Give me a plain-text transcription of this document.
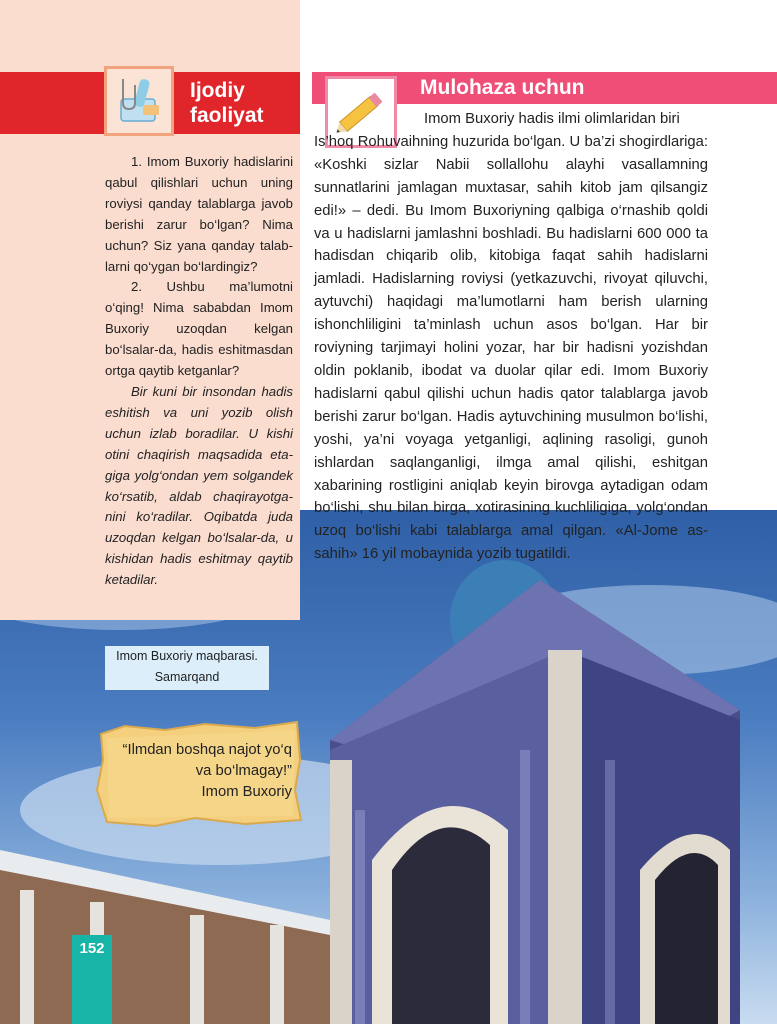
Ijodiy
faoliyat

1. Imom Buxoriy hadislarini qabul qilishlari uchun uning roviysi qanday talablarga javob berishi zarur bo‘lgan? Nima uchun? Siz yana qanday talablarni qo‘ygan bo‘lardingiz?

2. Ushbu ma’lumotni o‘qing! Nima sababdan Imom Buxoriy uzoqdan kelgan bo‘lsalar-da, hadis eshitmasdan ortga qaytib ketganlar?

Bir kuni bir insondan hadis eshitish va uni yozib olish uchun izlab boradilar. U kishi otini chaqirish maqsadida etagiga yolg‘ondan yem solgandek ko‘rsatib, aldab chaqirayotganini ko‘radilar. Oqibatda juda uzoqdan kelgan bo‘lsalar-da, u kishidan hadis eshitmay qaytib ketadilar.

Mulohaza uchun

Imom Buxoriy hadis ilmi olimlaridan biri

Is’hoq Rohuvaihning huzurida bo‘lgan. U ba’zi shogirdlariga: «Koshki sizlar Nabii sollallohu alayhi vasallamning sunnatlarini jamlagan muxtasar, sahih kitob jam qilsangiz edi!» – dedi. Bu Imom Buxoriyning qalbiga o‘rnashib qoldi va u hadislarni jamlashni boshladi. Bu hadislarni 600 000 ta hadisdan chiqarib olib, kitobiga faqat sahih hadislarni jamladi. Hadislarning roviysi (yetkazuvchi, rivoyat qiluvchi, aytuvchi) haqidagi ma’lumotlarni ham berish ularning ishonchliligini ta’minlash uchun asos bo‘lgan. Har bir roviyning tarjimayi holini yozar, har bir hadisni yozishdan oldin poklanib, ibodat va duolar qilar edi. Imom Buxoriy hadislarni qabul qilishi uchun hadis qator talablarga javob berishi zarur bo‘lgan. Hadis aytuvchining musulmon bo‘lishi, yoshi, ya’ni voyaga yetganligi, aqlining rasoligi, gunoh ishlardan saqlanganligi, ilmga amal qilishi, eshitgan xabarining rostligini aniqlab keyin birovga aytadigan odam bo‘lishi, shu bilan birga, xotirasining kuchliligiga, yolg‘ondan uzoq bo‘lishi kabi talablarga amal qilgan. «Al-Jome as-sahih» 16 yil mobaynida yozib tugatildi.

Imom Buxoriy maqbarasi.
Samarqand
“Ilmdan boshqa najot yo‘q
va bo‘lmagay!”
Imom Buxoriy
152
